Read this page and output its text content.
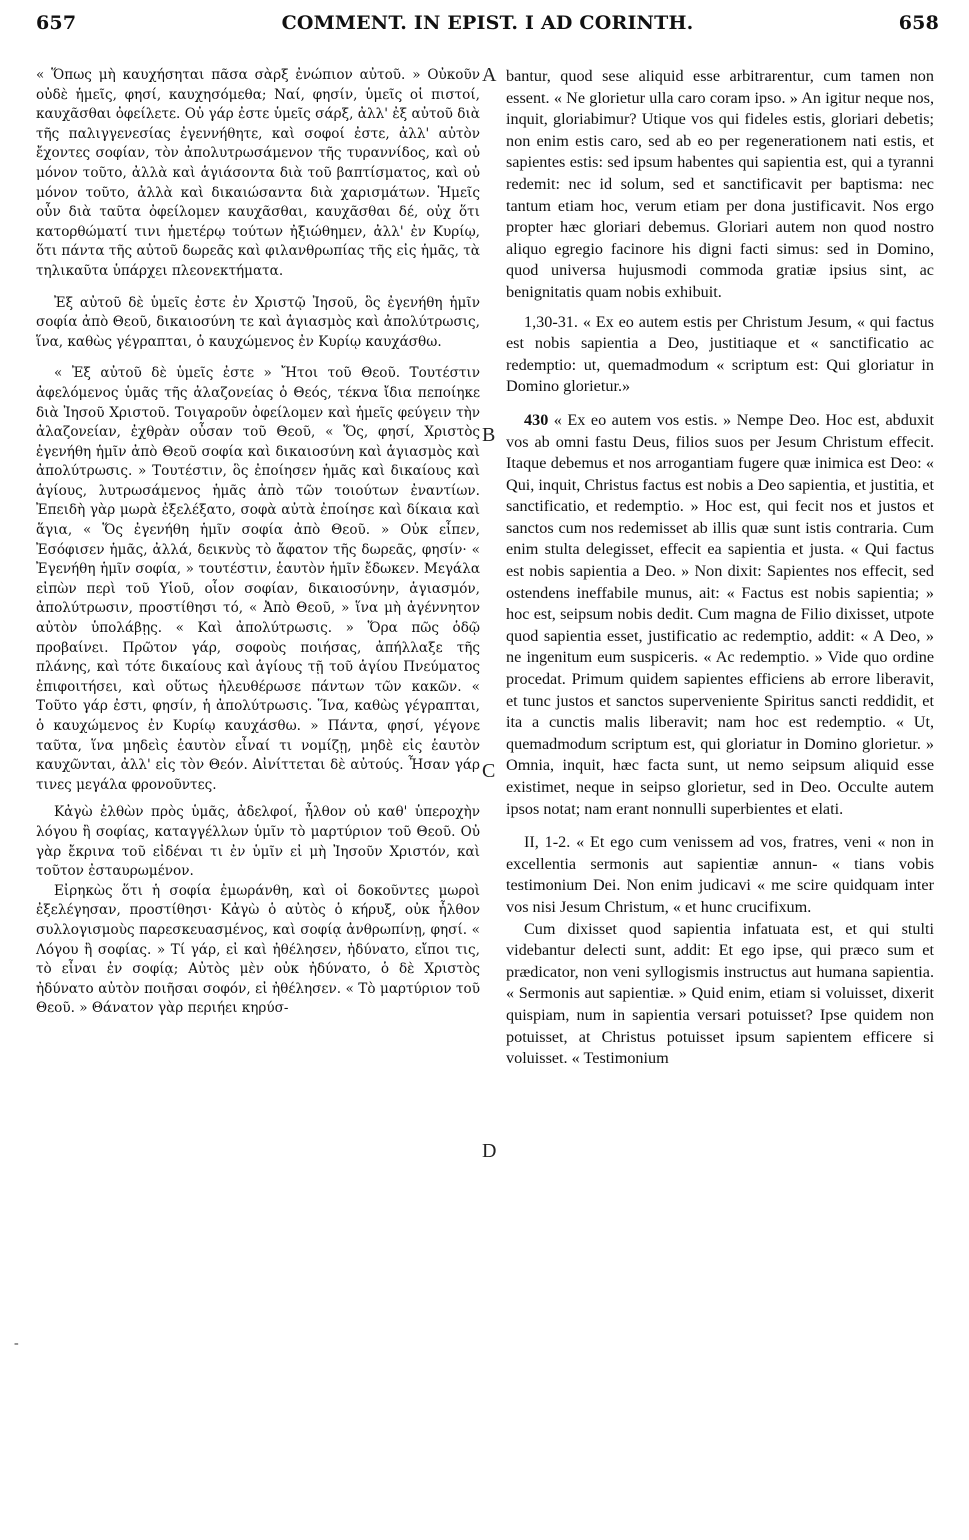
657	COMMENT. IN EPIST. I AD CORINTH.	658

« Ὅπως μὴ καυχήσηται πᾶσα σὰρξ ἐνώπιον αὐτοῦ. » Οὐκοῦν οὐδὲ ἡμεῖς, φησί, καυχησόμεθα; Ναί, φησίν, ὑμεῖς οἱ πιστοί, καυχᾶσθαι ὀφείλετε. Οὐ γάρ ἐστε ὑμεῖς σάρξ, ἀλλ' ἐξ αὐτοῦ διὰ τῆς παλιγγενεσίας ἐγεννήθητε, καὶ σοφοί ἐστε, ἀλλ' αὐτὸν ἔχοντες σοφίαν, τὸν ἀπολυτρωσάμενον τῆς τυραννίδος, καὶ οὐ μόνον τοῦτο, ἀλλὰ καὶ ἁγιάσοντα διὰ τοῦ βαπτίσματος, καὶ οὐ μόνον τοῦτο, ἀλλὰ καὶ δικαιώσαντα διὰ χαρισμάτων. Ἡμεῖς οὖν διὰ ταῦτα ὀφείλομεν καυχᾶσθαι, καυχᾶσθαι δέ, οὐχ ὅτι κατορθώματί τινι ἡμετέρῳ τούτων ἠξιώθημεν, ἀλλ' ἐν Κυρίῳ, ὅτι πάντα τῆς αὐτοῦ δωρεᾶς καὶ φιλανθρωπίας τῆς εἰς ἡμᾶς, τὰ τηλικαῦτα ὑπάρχει πλεονεκτήματα.

Ἐξ αὐτοῦ δὲ ὑμεῖς ἐστε ἐν Χριστῷ Ἰησοῦ, ὃς ἐγενήθη ἡμῖν σοφία ἀπὸ Θεοῦ, δικαιοσύνη τε καὶ ἁγιασμὸς καὶ ἀπολύτρωσις, ἵνα, καθὼς γέγραπται, ὁ καυχώμενος ἐν Κυρίῳ καυχάσθω.

« Ἐξ αὐτοῦ δὲ ὑμεῖς ἐστε » Ἤτοι τοῦ Θεοῦ. Τουτέστιν ἀφελόμενος ὑμᾶς τῆς ἀλαζονείας ὁ Θεός, τέκνα ἴδια πεποίηκε διὰ Ἰησοῦ Χριστοῦ. Τοιγαροῦν ὀφείλομεν καὶ ἡμεῖς φεύγειν τὴν ἀλαζονείαν, ἐχθρὰν οὖσαν τοῦ Θεοῦ, « Ὅς, φησί, Χριστὸς ἐγενήθη ἡμῖν ἀπὸ Θεοῦ σοφία καὶ δικαιοσύνη καὶ ἁγιασμὸς καὶ ἀπολύτρωσις. » Τουτέστιν, ὃς ἐποίησεν ἡμᾶς καὶ δικαίους καὶ ἁγίους, λυτρωσάμενος ἡμᾶς ἀπὸ τῶν τοιούτων ἐναντίων. Ἐπειδὴ γὰρ μωρὰ ἐξελέξατο, σοφὰ αὐτὰ ἐποίησε καὶ δίκαια καὶ ἅγια, « Ὅς ἐγενήθη ἡμῖν σοφία ἀπὸ Θεοῦ. » Οὐκ εἶπεν, Ἐσόφισεν ἡμᾶς, ἀλλά, δεικνὺς τὸ ἄφατον τῆς δωρεᾶς, φησίν· « Ἐγενήθη ἡμῖν σοφία, » τουτέστιν, ἑαυτὸν ἡμῖν ἔδωκεν. Μεγάλα εἰπὼν περὶ τοῦ Υἱοῦ, οἷον σοφίαν, δικαιοσύνην, ἁγιασμόν, ἀπολύτρωσιν, προστίθησι τό, « Ἀπὸ Θεοῦ, » ἵνα μὴ ἀγέννητον αὐτὸν ὑπολάβῃς. « Καὶ ἀπολύτρωσις. » Ὅρα πῶς ὁδῷ προβαίνει. Πρῶτον γάρ, σοφοὺς ποιήσας, ἀπήλλαξε τῆς πλάνης, καὶ τότε δικαίους καὶ ἁγίους τῇ τοῦ ἁγίου Πνεύματος ἐπιφοιτήσει, καὶ οὕτως ἠλευθέρωσε πάντων τῶν κακῶν. « Τοῦτο γάρ ἐστι, φησίν, ἡ ἀπολύτρωσις. Ἵνα, καθὼς γέγραπται, ὁ καυχώμενος ἐν Κυρίῳ καυχάσθω. » Πάντα, φησί, γέγονε ταῦτα, ἵνα μηδεὶς ἑαυτὸν εἶναί τι νομίζῃ, μηδὲ εἰς ἑαυτὸν καυχῶνται, ἀλλ' εἰς τὸν Θεόν. Αἰνίττεται δὲ αὐτούς. Ἦσαν γάρ τινες μεγάλα φρονοῦντες.

Κἀγὼ ἐλθὼν πρὸς ὑμᾶς, ἀδελφοί, ἦλθον οὐ καθ' ὑπεροχὴν λόγου ἢ σοφίας, καταγγέλλων ὑμῖν τὸ μαρτύριον τοῦ Θεοῦ. Οὐ γὰρ ἔκρινα τοῦ εἰδέναι τι ἐν ὑμῖν εἰ μὴ Ἰησοῦν Χριστόν, καὶ τοῦτον ἐσταυρωμένον.

Εἰρηκὼς ὅτι ἡ σοφία ἐμωράνθη, καὶ οἱ δοκοῦντες μωροὶ ἐξελέγησαν, προστίθησι· Κἀγὼ ὁ αὐτὸς ὁ κήρυξ, οὐκ ἦλθον συλλογισμοὺς παρεσκευασμένος, καὶ σοφίᾳ ἀνθρωπίνῃ, φησί. « Λόγου ἢ σοφίας. » Τί γάρ, εἰ καὶ ἠθέλησεν, ἠδύνατο, εἴποι τις, τὸ εἶναι ἐν σοφίᾳ; Αὐτὸς μὲν οὐκ ἠδύνατο, ὁ δὲ Χριστὸς ἠδύνατο αὐτὸν ποιῆσαι σοφόν, εἰ ἠθέλησεν. « Τὸ μαρτύριον τοῦ Θεοῦ. » Θάνατον γὰρ περιήει κηρύσ-

bantur, quod sese aliquid esse arbitrarentur, cum tamen non essent. « Ne glorietur ulla caro coram ipso. » An igitur neque nos, inquit, gloriabimur? Utique vos qui fideles estis, gloriari debetis; non enim estis caro, sed ab eo per regenerationem nati estis, et sapientes estis: sed ipsum habentes qui sapientia est, qui a tyranni redemit: nec id solum, sed et sanctificavit per baptisma: nec tantum etiam hoc, verum etiam per dona justificavit. Nos ergo propter hæc gloriari debemus. Gloriari autem non quod nostro aliquo egregio facinore his digni facti simus: sed in Domino, quod universa hujusmodi commoda gratiæ ipsius sint, ac benignitatis quam nobis exhibuit.

1,30-31. « Ex eo autem estis per Christum Jesum, « qui factus est nobis sapientia a Deo, justitiaque et « sanctificatio ac redemptio: ut, quemadmodum « scriptum est: Qui gloriatur in Domino glorietur.»

430 « Ex eo autem vos estis. » Nempe Deo. Hoc est, abduxit vos ab omni fastu Deus, filios suos per Jesum Christum effecit. Itaque debemus et nos arrogantiam fugere quæ inimica est Deo: « Qui, inquit, Christus factus est nobis a Deo sapientia, et justitia, et sanctificatio, et redemptio. » Hoc est, qui fecit nos et justos et sanctos cum nos redemisset ab illis quæ sunt istis contraria. Cum enim stulta delegisset, effecit ea sapientia et justa. « Qui factus est nobis sapientia a Deo. » Non dixit: Sapientes nos effecit, sed ostendens ineffabile munus, ait: « Factus est nobis sapientia; » hoc est, seipsum nobis dedit. Cum magna de Filio dixisset, utpote quod sapientia esset, justificatio ac redemptio, addit: « A Deo, » ne ingenitum eum suspiceris. « Ac redemptio. » Vide quo ordine procedat. Primum quidem sapientes efficiens ab errore liberavit, et tunc justos et sanctos superveniente Spiritus sancti reddidit, et ita a cunctis malis liberavit; nam hoc est redemptio. « Ut, quemadmodum scriptum est, qui gloriatur in Domino glorietur. » Omnia, inquit, hæc facta sunt, ut nemo seipsum aliquid esse existimet, neque in seipso glorietur, sed in Deo. Occulte autem ipsos notat; nam erant nonnulli superbientes et elati.

II, 1-2. « Et ego cum venissem ad vos, fratres, veni « non in excellentia sermonis aut sapientiæ annun- « tians vobis testimonium Dei. Non enim judicavi « me scire quidquam inter vos nisi Jesum Christum, « et hunc crucifixum.

Cum dixisset quod sapientia infatuata est, et qui stulti videbantur delecti sunt, addit: Et ego ipse, qui præco sum et prædicator, non veni syllogismis instructus aut humana sapientia. « Sermonis aut sapientiæ. » Quid enim, etiam si voluisset, dixerit quispiam, num in sapientia versari potuisset? Ipse quidem non potuisset, at Christus potuisset ipsum sapientem efficere si voluisset. « Testimonium

A
B
C
D
-
